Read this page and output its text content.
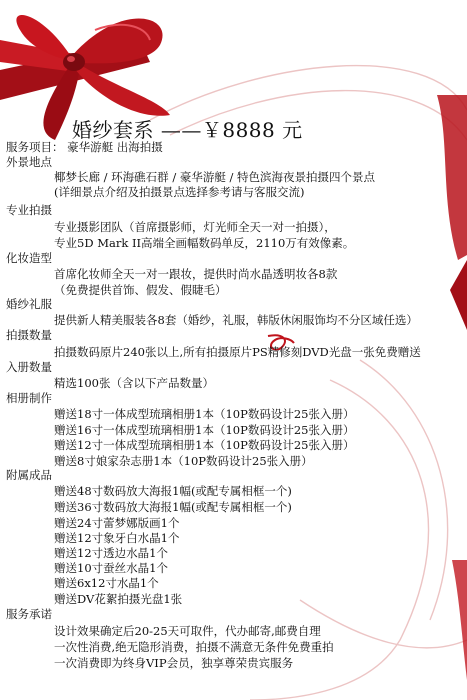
婚纱套系 ——￥8888 元
服务项目： 豪华游艇 出海拍摄
外景地点
椰梦长廊 / 环海礁石群 / 豪华游艇 / 特色滨海夜景拍摄四个景点
(详细景点介绍及拍摄景点选择参考请与客服交流)
专业拍摄
专业摄影团队（首席摄影师，灯光师全天一对一拍摄），
专业5D Mark II高端全画幅数码单反，2110万有效像素。
化妆造型
首席化妆师全天一对一跟妆，提供时尚水晶透明妆各8款
（免费提供首饰、假发、假睫毛）
婚纱礼服
提供新人精美服装各8套（婚纱，礼服，韩版休闲服饰均不分区域任选）
拍摄数量
拍摄数码原片240张以上,所有拍摄原片PS精修刻DVD光盘一张免费赠送
入册数量
精选100张（含以下产品数量）
相册制作
赠送18寸一体成型琉璃相册1本（10P数码设计25张入册）
赠送16寸一体成型琉璃相册1本（10P数码设计25张入册）
赠送12寸一体成型琉璃相册1本（10P数码设计25张入册）
赠送8寸娘家杂志册1本（10P数码设计25张入册）
附属成品
赠送48寸数码放大海报1幅(或配专属相框一个)
赠送36寸数码放大海报1幅(或配专属相框一个)
赠送24寸蕾梦娜版画1个
赠送12寸象牙白水晶1个
赠送12寸透边水晶1个
赠送10寸蚕丝水晶1个
赠送6x12寸水晶1个
赠送DV花絮拍摄光盘1张
服务承诺
设计效果确定后20-25天可取件，代办邮寄,邮费自理
一次性消费,绝无隐形消费，拍摄不满意无条件免费重拍
一次消费即为终身VIP会员，独享尊荣贵宾服务
